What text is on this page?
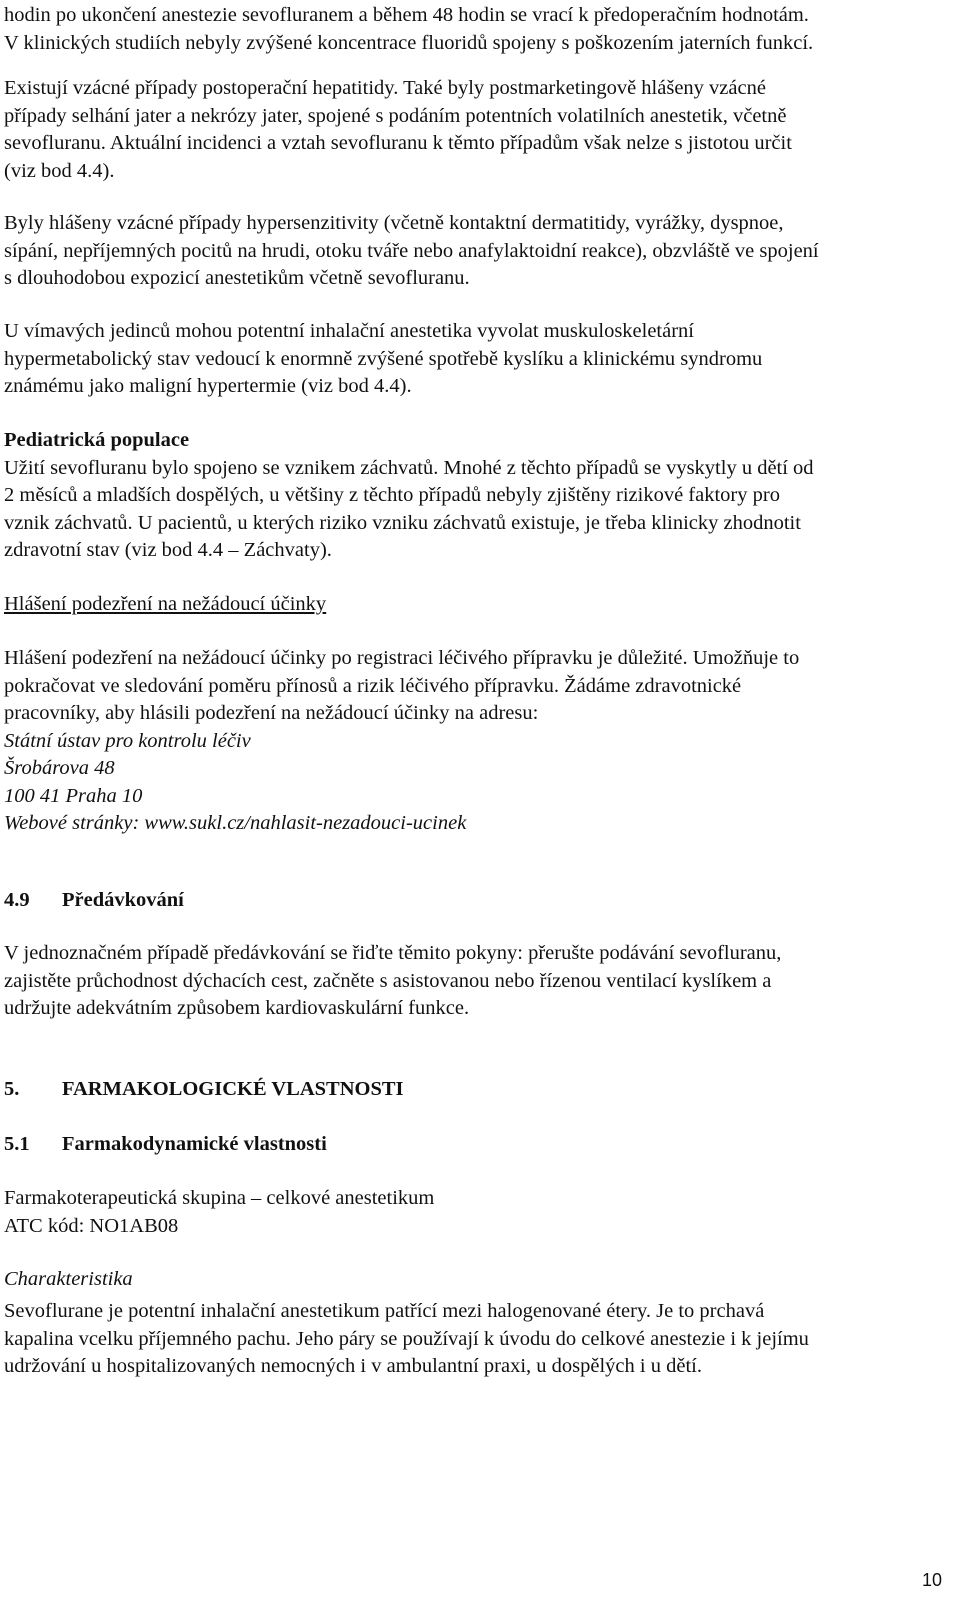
hodin po ukončení anestezie sevofluranem a během 48 hodin se vrací k předoperačním hodnotám.

V klinických studiích nebyly zvýšené koncentrace fluoridů spojeny s poškozením jaterních funkcí.

Existují vzácné případy postoperační hepatitidy. Také byly postmarketingově hlášeny vzácné

případy selhání jater a nekrózy jater, spojené s podáním potentních volatilních anestetik, včetně

sevofluranu. Aktuální incidenci a vztah sevofluranu k těmto případům však nelze s jistotou určit

(viz bod 4.4).

Byly hlášeny vzácné případy hypersenzitivity (včetně kontaktní dermatitidy, vyrážky, dyspnoe,

sípání, nepříjemných pocitů na hrudi, otoku tváře nebo anafylaktoidní reakce), obzvláště ve spojení

s dlouhodobou expozicí anestetikům včetně sevofluranu.

U vímavých jedinců mohou potentní inhalační anestetika vyvolat muskuloskeletární

hypermetabolický stav vedoucí k enormně zvýšené spotřebě kyslíku a klinickému syndromu

známému jako maligní hypertermie (viz bod 4.4).

Pediatrická populace

Užití sevofluranu bylo spojeno se vznikem záchvatů. Mnohé z těchto případů se vyskytly u dětí od

2 měsíců a mladších dospělých, u většiny z těchto případů nebyly zjištěny rizikové faktory pro

vznik záchvatů. U pacientů, u kterých riziko vzniku záchvatů existuje, je třeba klinicky zhodnotit

zdravotní stav (viz bod 4.4 – Záchvaty).

Hlášení podezření na nežádoucí účinky

Hlášení podezření na nežádoucí účinky po registraci léčivého přípravku je důležité. Umožňuje to

pokračovat ve sledování poměru přínosů a rizik léčivého přípravku. Žádáme zdravotnické

pracovníky, aby hlásili podezření na nežádoucí účinky na adresu:

Státní ústav pro kontrolu léčiv

Šrobárova 48

100 41 Praha 10

Webové stránky: www.sukl.cz/nahlasit-nezadouci-ucinek

4.9 Předávkování

V jednoznačném případě předávkování se řiďte těmito pokyny: přerušte podávání sevofluranu,

zajistěte průchodnost dýchacích cest, začněte s asistovanou nebo řízenou ventilací kyslíkem a

udržujte adekvátním způsobem kardiovaskulární funkce.

5. FARMAKOLOGICKÉ VLASTNOSTI

5.1 Farmakodynamické vlastnosti

Farmakoterapeutická skupina – celkové anestetikum

ATC kód: NO1AB08

Charakteristika

Sevoflurane je potentní inhalační anestetikum patřící mezi halogenované étery. Je to prchavá

kapalina vcelku příjemného pachu. Jeho páry se používají k úvodu do celkové anestezie i k jejímu

udržování u hospitalizovaných nemocných i v ambulantní praxi, u dospělých i u dětí.

10
